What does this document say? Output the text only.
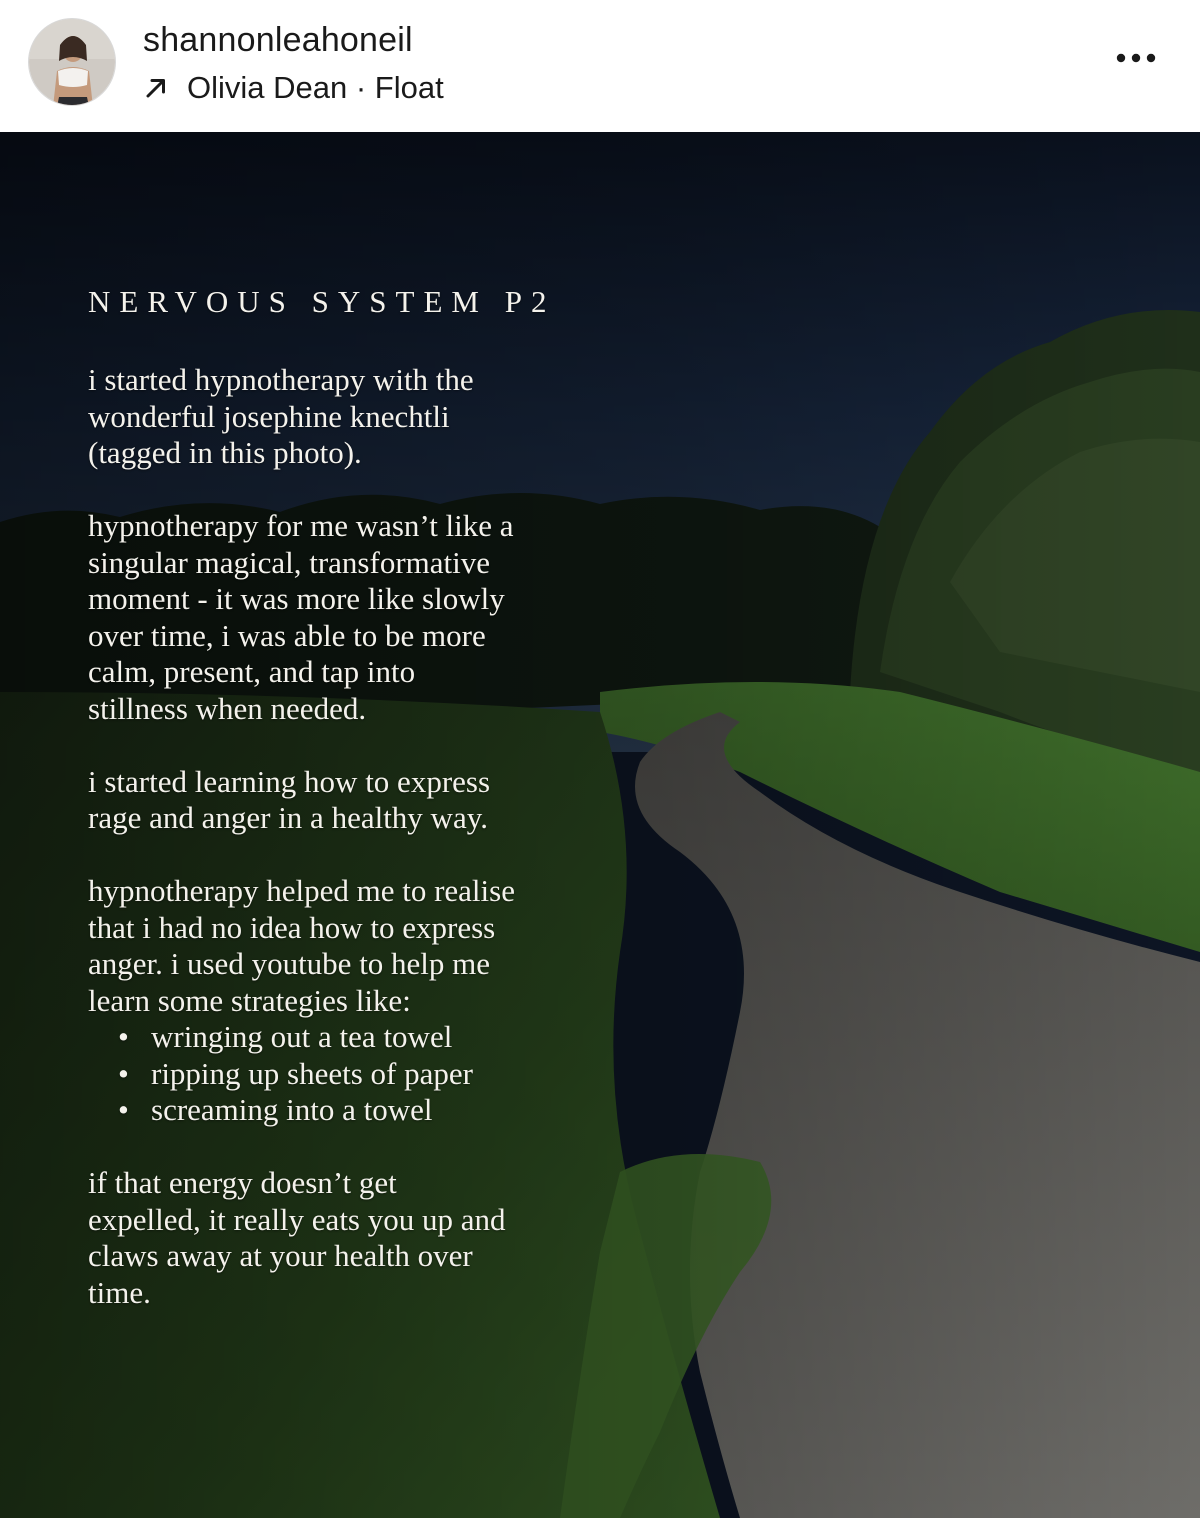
shannonleahoneil
Olivia Dean · Float
NERVOUS SYSTEM P2
i started hypnotherapy with the
wonderful josephine knechtli
(tagged in this photo).
hypnotherapy for me wasn’t like a
singular magical, transformative
moment - it was more like slowly
over time, i was able to be more
calm, present, and tap into
stillness when needed.
i started learning how to express
rage and anger in a healthy way.
hypnotherapy helped me to realise
that i had no idea how to express
anger. i used youtube to help me
learn some strategies like:
• wringing out a tea towel
• ripping up sheets of paper
• screaming into a towel
if that energy doesn’t get
expelled, it really eats you up and
claws away at your health over
time.
